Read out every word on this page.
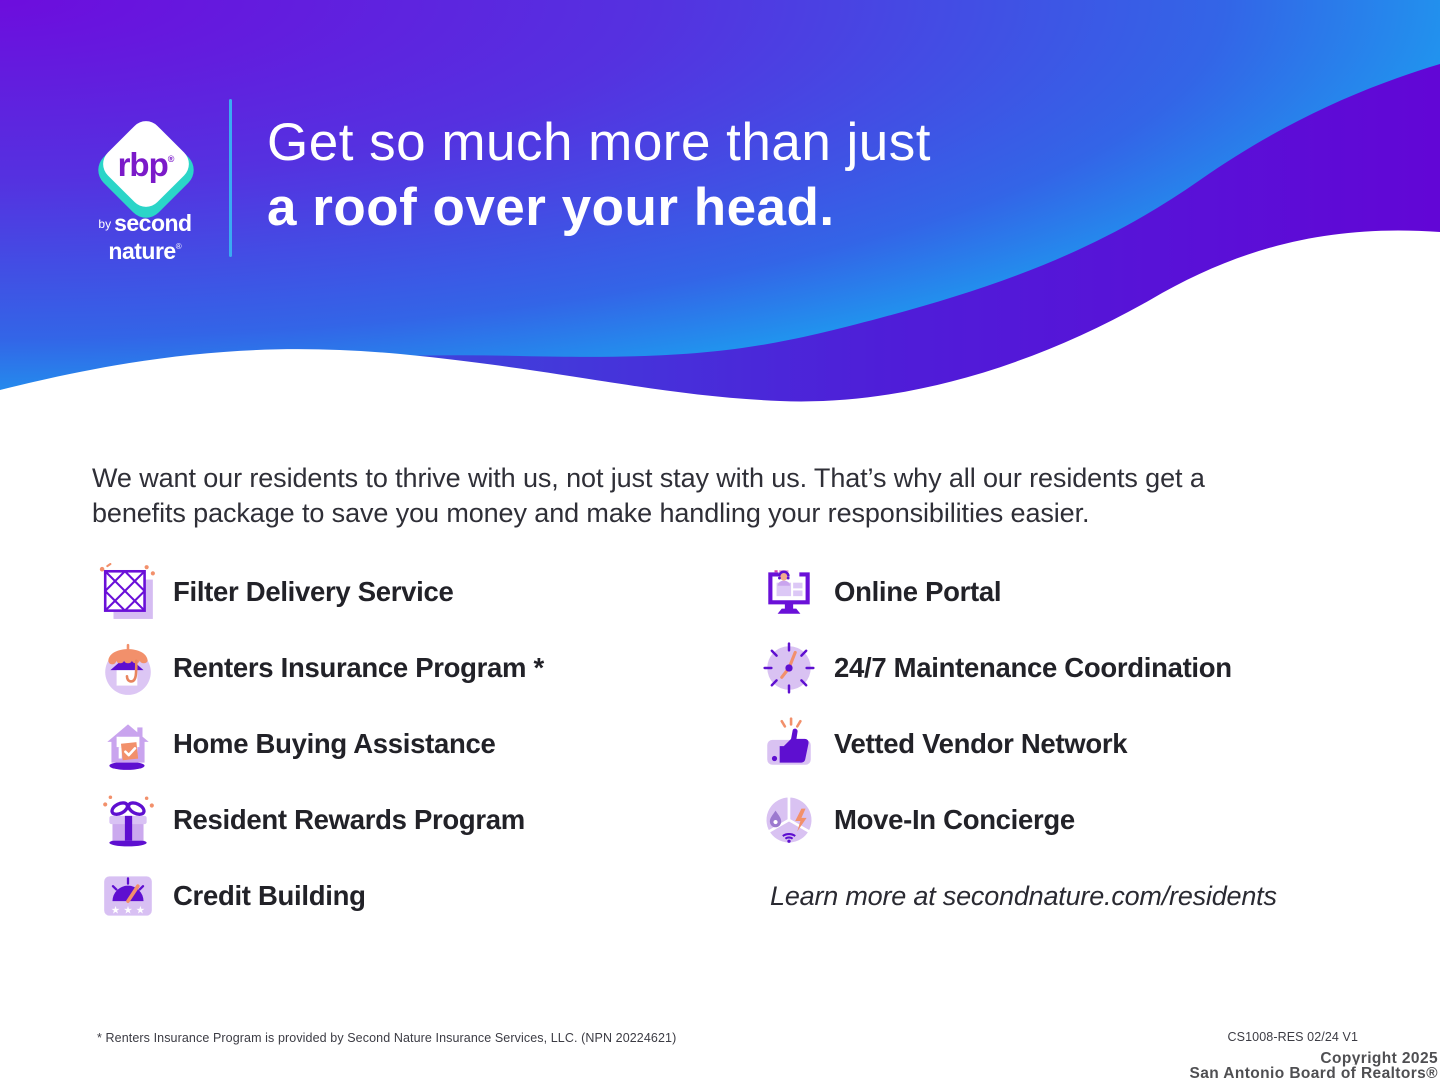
rbp®
by second
nature®
Get so much more than just
a roof over your head.
We want our residents to thrive with us, not just stay with us. That’s why all our residents get a
benefits package to save you money and make handling your responsibilities easier.
Filter Delivery Service
Renters Insurance Program *
Home Buying Assistance
Resident Rewards Program
★ ★ ★ Credit Building
Online Portal
24/7 Maintenance Coordination
Vetted Vendor Network
Move-In Concierge
Learn more at secondnature.com/residents
* Renters Insurance Program is provided by Second Nature Insurance Services, LLC. (NPN 20224621)	CS1008-RES 02/24 V1
Copyright 2025
San Antonio Board of Realtors®
